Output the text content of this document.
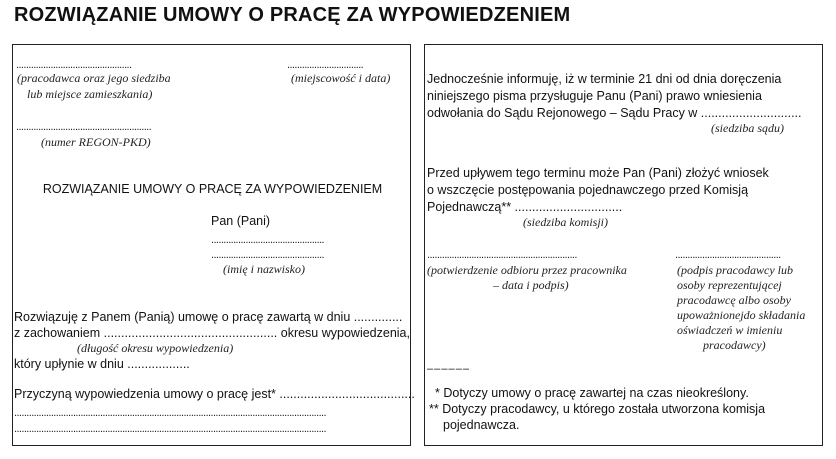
ROZWIĄZANIE UMOWY O PRACĘ ZA WYPOWIEDZENIEM
...............................................
(pracodawca oraz jego siedziba
lub miejsce zamieszkania)
...............................
(miejscowość i data)
.......................................................
(numer REGON-PKD)
ROZWIĄZANIE UMOWY O PRACĘ ZA WYPOWIEDZENIEM
Pan (Pani)
..............................................
..............................................
(imię i nazwisko)
Rozwiązuję z Panem (Panią) umowę o pracę zawartą w dniu ..............
z zachowaniem .................................................. okresu wypowiedzenia,
(długość okresu wypowiedzenia)
który upłynie w dniu ..................
Przyczyną wypowiedzenia umowy o pracę jest* .......................................
...............................................................................................................................
...............................................................................................................................
Jednocześnie informuję, iż w terminie 21 dni od dnia doręczenia
niniejszego pisma przysługuje Panu (Pani) prawo wniesienia
odwołania do Sądu Rejonowego – Sądu Pracy w .............................
(siedziba sądu)
Przed upływem tego terminu może Pan (Pani) złożyć wniosek
o wszczęcie postępowania pojednawczego przed Komisją
Pojednawczą** ...............................
(siedziba komisji)
.............................................................
(potwierdzenie odbioru przez pracownika
– data i podpis)
...........................................
(podpis pracodawcy lub
osoby reprezentującej
pracodawcę albo osoby
upoważnionejdo składania
oświadczeń w imieniu
pracodawcy)
– – – – – –
* Dotyczy umowy o pracę zawartej na czas nieokreślony.
** Dotyczy pracodawcy, u którego została utworzona komisja
pojednawcza.
